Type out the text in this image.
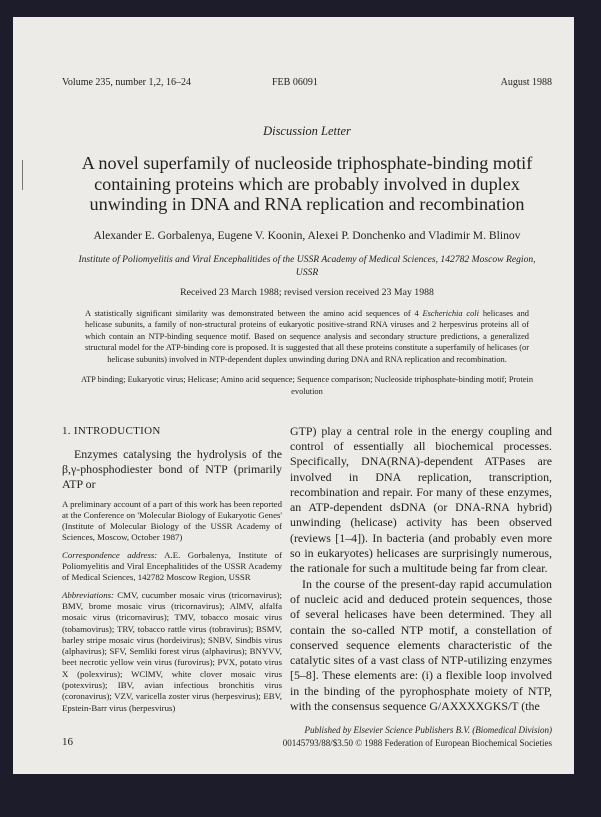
Volume 235, number 1,2, 16–24	FEB 06091	August 1988
Discussion Letter
A novel superfamily of nucleoside triphosphate-binding motif containing proteins which are probably involved in duplex unwinding in DNA and RNA replication and recombination
Alexander E. Gorbalenya, Eugene V. Koonin, Alexei P. Donchenko and Vladimir M. Blinov
Institute of Poliomyelitis and Viral Encephalitides of the USSR Academy of Medical Sciences, 142782 Moscow Region, USSR
Received 23 March 1988; revised version received 23 May 1988
A statistically significant similarity was demonstrated between the amino acid sequences of 4 Escherichia coli helicases and helicase subunits, a family of non-structural proteins of eukaryotic positive-strand RNA viruses and 2 herpesvirus proteins all of which contain an NTP-binding sequence motif. Based on sequence analysis and secondary structure predictions, a generalized structural model for the ATP-binding core is proposed. It is suggested that all these proteins constitute a superfamily of helicases (or helicase subunits) involved in NTP-dependent duplex unwinding during DNA and RNA replication and recombination.
ATP binding; Eukaryotic virus; Helicase; Amino acid sequence; Sequence comparison; Nucleoside triphosphate-binding motif; Protein evolution
1. INTRODUCTION
Enzymes catalysing the hydrolysis of the β,γ-phosphodiester bond of NTP (primarily ATP or
A preliminary account of a part of this work has been reported at the Conference on 'Molecular Biology of Eukaryotic Genes' (Institute of Molecular Biology of the USSR Academy of Sciences, Moscow, October 1987)
Correspondence address: A.E. Gorbalenya, Institute of Poliomyelitis and Viral Encephalitides of the USSR Academy of Medical Sciences, 142782 Moscow Region, USSR
Abbreviations: CMV, cucumber mosaic virus (tricornavirus); BMV, brome mosaic virus (tricornavirus); AlMV, alfalfa mosaic virus (tricornavirus); TMV, tobacco mosaic virus (tobamovirus); TRV, tobacco rattle virus (tobravirus); BSMV, barley stripe mosaic virus (hordeivirus); SNBV, Sindbis virus (alphavirus); SFV, Semliki forest virus (alphavirus); BNYVV, beet necrotic yellow vein virus (furovirus); PVX, potato virus X (polexvirus); WClMV, white clover mosaic virus (potexvirus); IBV, avian infectious bronchitis virus (coronavirus); VZV, varicella zoster virus (herpesvirus); EBV, Epstein-Barr virus (herpesvirus)

GTP) play a central role in the energy coupling and control of essentially all biochemical processes. Specifically, DNA(RNA)-dependent ATPases are involved in DNA replication, transcription, recombination and repair. For many of these enzymes, an ATP-dependent dsDNA (or DNA-RNA hybrid) unwinding (helicase) activity has been observed (reviews [1–4]). In bacteria (and probably even more so in eukaryotes) helicases are surprisingly numerous, the rationale for such a multitude being far from clear.

In the course of the present-day rapid accumulation of nucleic acid and deduced protein sequences, those of several helicases have been determined. They all contain the so-called NTP motif, a constellation of conserved sequence elements characteristic of the catalytic sites of a vast class of NTP-utilizing enzymes [5–8]. These elements are: (i) a flexible loop involved in the binding of the pyrophosphate moiety of NTP, with the consensus sequence G/AXXXXGKS/T (the

16
Published by Elsevier Science Publishers B.V. (Biomedical Division)
00145793/88/$3.50 © 1988 Federation of European Biochemical Societies
